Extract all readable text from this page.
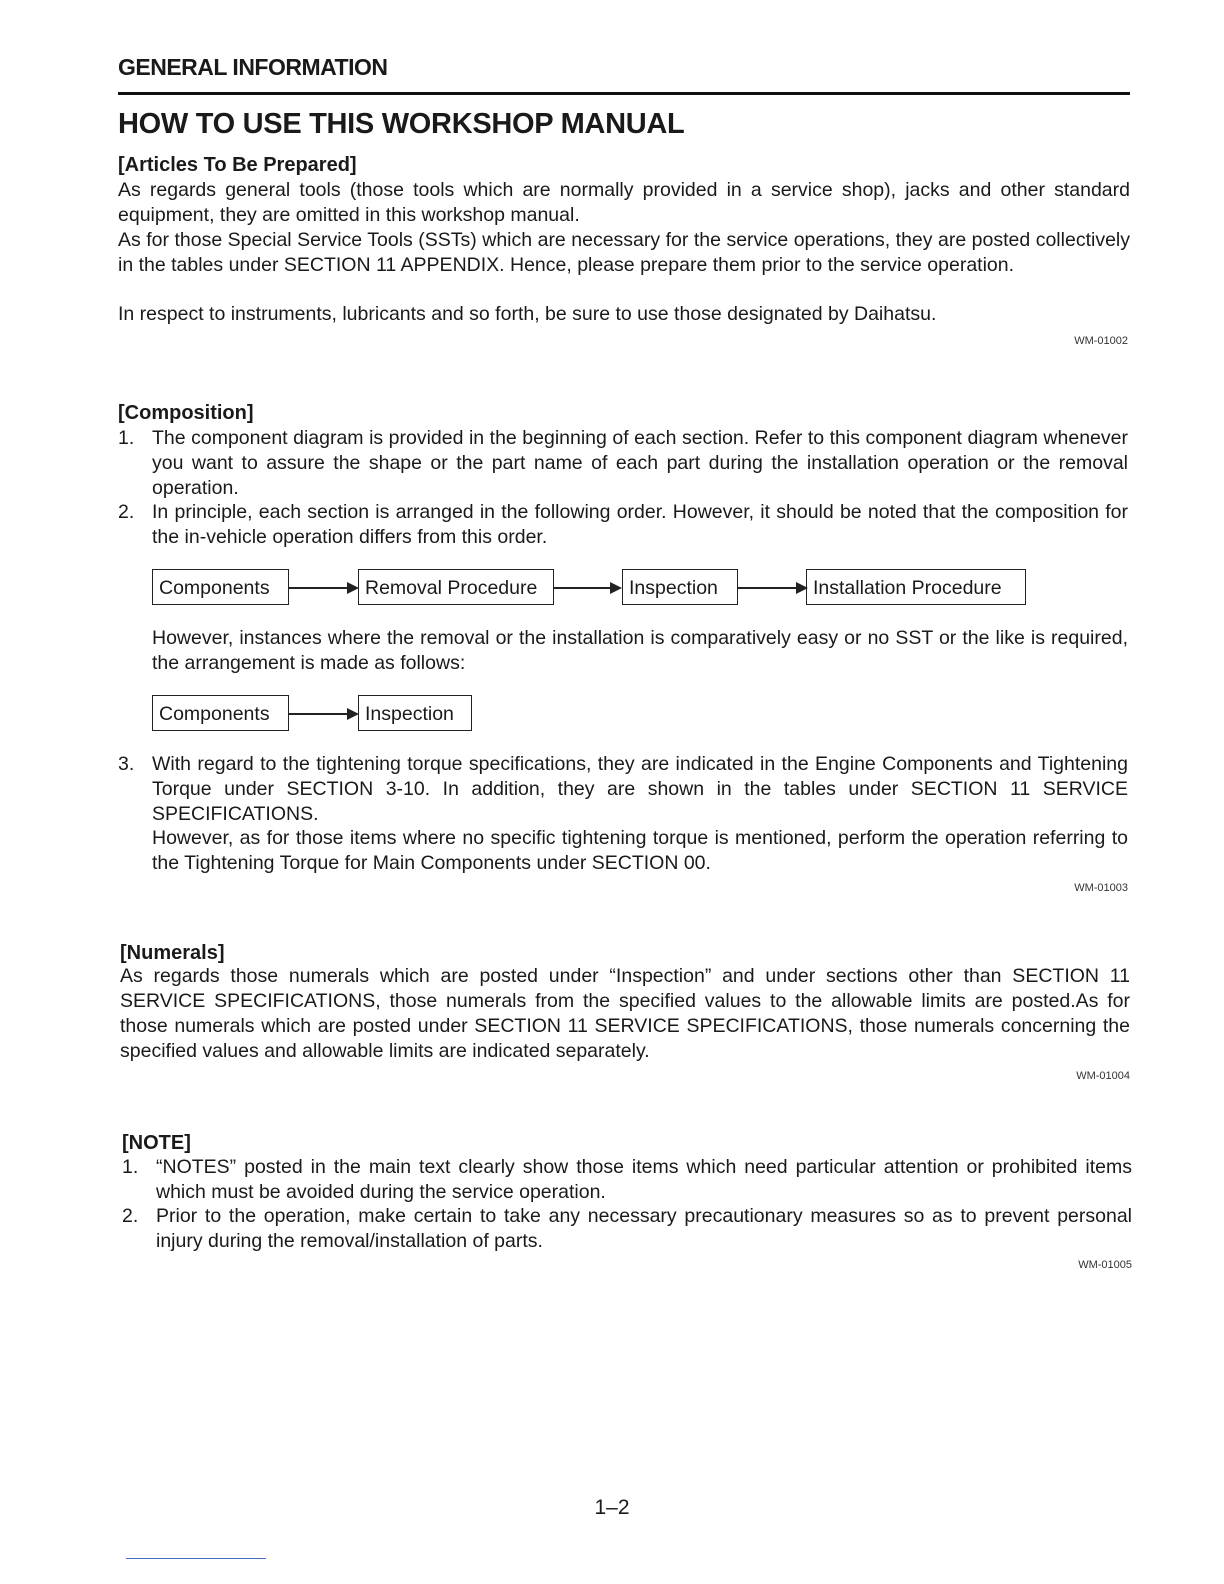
GENERAL INFORMATION
HOW TO USE THIS WORKSHOP MANUAL
[Articles To Be Prepared]
As regards general tools (those tools which are normally provided in a service shop), jacks and other standard equipment, they are omitted in this workshop manual.
As for those Special Service Tools (SSTs) which are necessary for the service operations, they are posted collectively in the tables under SECTION 11 APPENDIX. Hence, please prepare them prior to the service operation.
In respect to instruments, lubricants and so forth, be sure to use those designated by Daihatsu.
WM-01002
[Composition]
1. The component diagram is provided in the beginning of each section. Refer to this component diagram whenever you want to assure the shape or the part name of each part during the installation operation or the removal operation.
2. In principle, each section is arranged in the following order. However, it should be noted that the composition for the in-vehicle operation differs from this order.
Components	Removal Procedure	Inspection	Installation Procedure
However, instances where the removal or the installation is comparatively easy or no SST or the like is required, the arrangement is made as follows:
Components	Inspection
3. With regard to the tightening torque specifications, they are indicated in the Engine Components and Tightening Torque under SECTION 3-10. In addition, they are shown in the tables under SECTION 11 SERVICE SPECIFICATIONS.
However, as for those items where no specific tightening torque is mentioned, perform the operation referring to the Tightening Torque for Main Components under SECTION 00.
WM-01003
[Numerals]
As regards those numerals which are posted under “Inspection” and under sections other than SECTION 11 SERVICE SPECIFICATIONS, those numerals from the specified values to the allowable limits are posted.As for those numerals which are posted under SECTION 11 SERVICE SPECIFICATIONS, those numerals concerning the specified values and allowable limits are indicated separately.
WM-01004
[NOTE]
1. “NOTES” posted in the main text clearly show those items which need particular attention or prohibited items which must be avoided during the service operation.
2. Prior to the operation, make certain to take any necessary precautionary measures so as to prevent personal injury during the removal/installation of parts.
WM-01005
1–2
